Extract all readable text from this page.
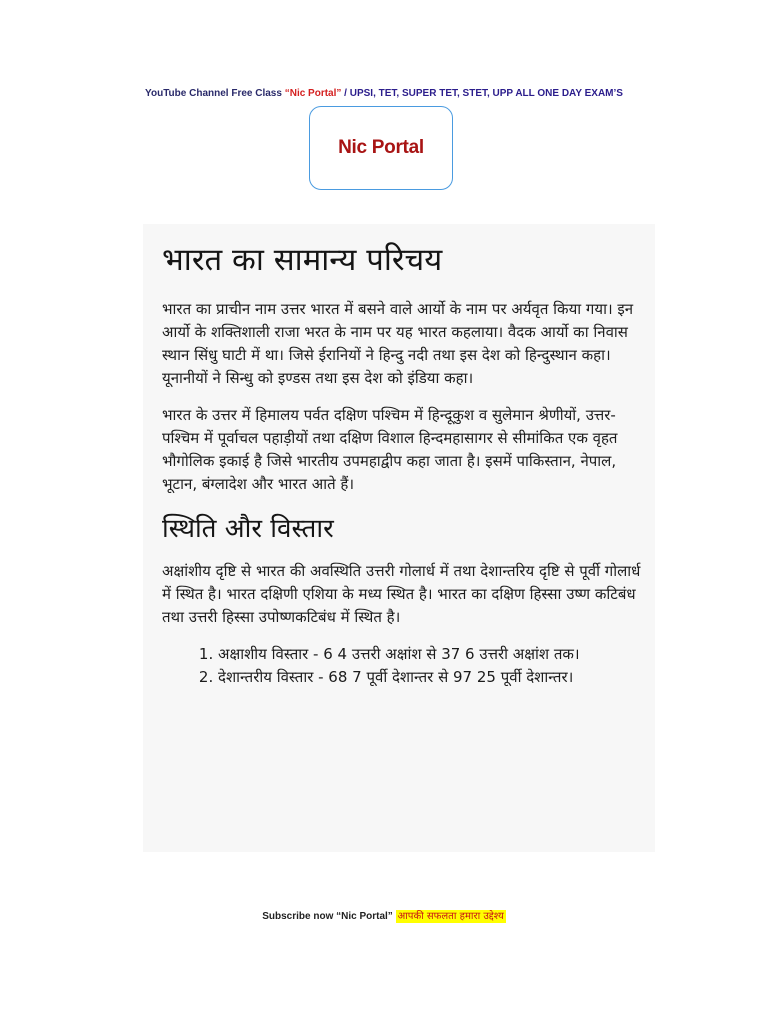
YouTube Channel Free Class “Nic Portal” / UPSI, TET, SUPER TET, STET, UPP ALL ONE DAY EXAM’S
Nic Portal
भारत का सामान्य परिचय

भारत का प्राचीन नाम उत्तर भारत में बसने वाले आर्यो के नाम पर अर्यवृत किया गया। इन आर्यो के शक्तिशाली राजा भरत के नाम पर यह भारत कहलाया। वैदक आर्यो का निवास स्थान सिंधु घाटी में था। जिसे ईरानियों ने हिन्दु नदी तथा इस देश को हिन्दुस्थान कहा। यूनानीयों ने सिन्धु को इण्डस तथा इस देश को इंडिया कहा।

भारत के उत्तर में हिमालय पर्वत दक्षिण पश्चिम में हिन्दूकुश व सुलेमान श्रेणीयों, उत्तर-पश्चिम में पूर्वाचल पहाड़ीयों तथा दक्षिण विशाल हिन्दमहासागर से सीमांकित एक वृहत भौगोलिक इकाई है जिसे भारतीय उपमहाद्वीप कहा जाता है। इसमें पाकिस्तान, नेपाल, भूटान, बंग्लादेश और भारत आते हैं।

स्थिति और विस्तार

अक्षांशीय दृष्टि से भारत की अवस्थिति उत्तरी गोलार्ध में तथा देशान्तरिय दृष्टि से पूर्वी गोलार्ध में स्थित है। भारत दक्षिणी एशिया के मध्य स्थित है। भारत का दक्षिण हिस्सा उष्ण कटिबंध तथा उत्तरी हिस्सा उपोष्णकटिबंध में स्थित है।

1. अक्षाशीय विस्तार - 6 4 उत्तरी अक्षांश से 37 6 उत्तरी अक्षांश तक।
2. देशान्तरीय विस्तार - 68 7 पूर्वी देशान्तर से 97 25 पूर्वी देशान्तर।
Subscribe now “Nic Portal” आपकी सफलता हमारा उद्देश्य
